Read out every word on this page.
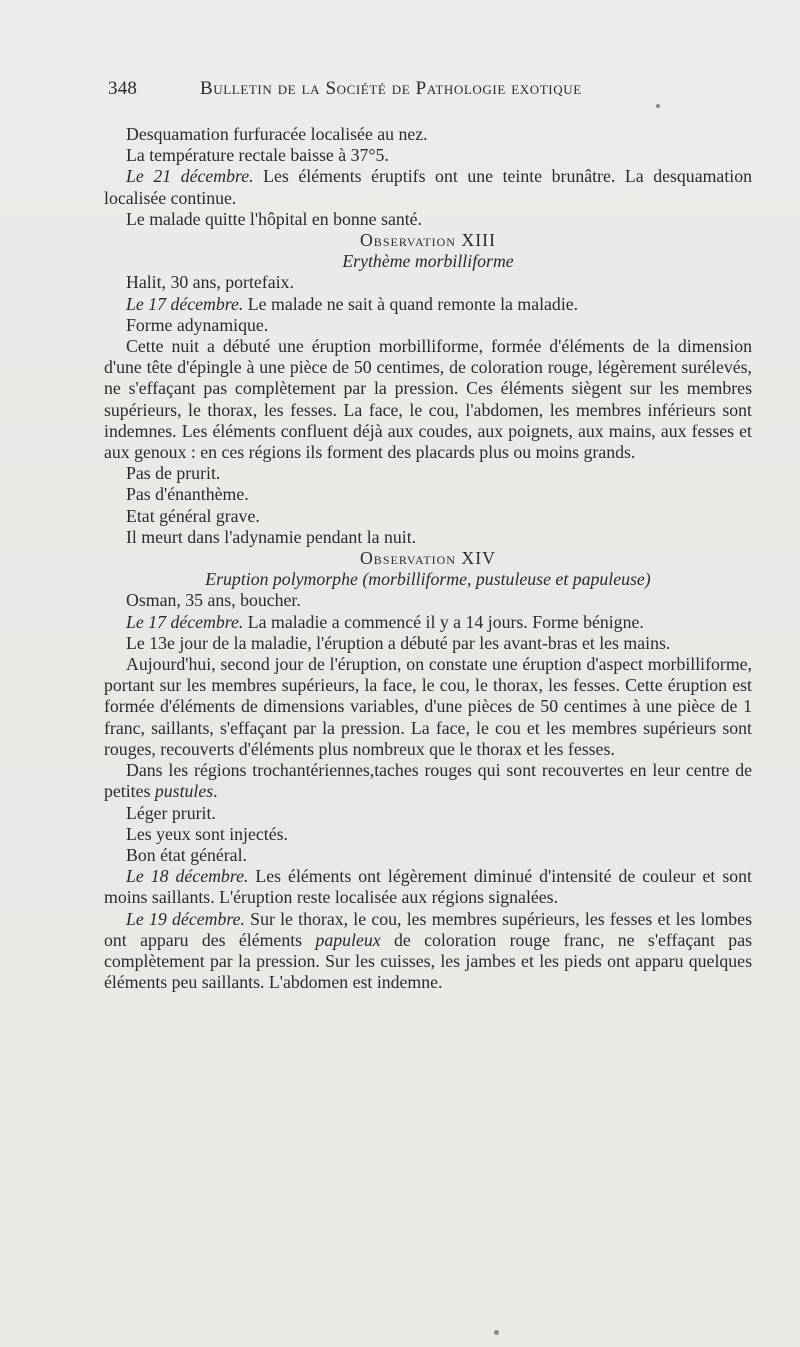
348	Bulletin de la Société de Pathologie exotique

Desquamation furfuracée localisée au nez.

La température rectale baisse à 37°5.

Le 21 décembre. Les éléments éruptifs ont une teinte brunâtre. La desquamation localisée continue.

Le malade quitte l'hôpital en bonne santé.

Observation XIII

Erythème morbilliforme

Halit, 30 ans, portefaix.

Le 17 décembre. Le malade ne sait à quand remonte la maladie.

Forme adynamique.

Cette nuit a débuté une éruption morbilliforme, formée d'éléments de la dimension d'une tête d'épingle à une pièce de 50 centimes, de coloration rouge, légèrement surélevés, ne s'effaçant pas complètement par la pression. Ces éléments siègent sur les membres supérieurs, le thorax, les fesses. La face, le cou, l'abdomen, les membres inférieurs sont indemnes. Les éléments confluent déjà aux coudes, aux poignets, aux mains, aux fesses et aux genoux : en ces régions ils forment des placards plus ou moins grands.

Pas de prurit.

Pas d'énanthème.

Etat général grave.

Il meurt dans l'adynamie pendant la nuit.

Observation XIV

Eruption polymorphe (morbilliforme, pustuleuse et papuleuse)

Osman, 35 ans, boucher.

Le 17 décembre. La maladie a commencé il y a 14 jours. Forme bénigne.

Le 13e jour de la maladie, l'éruption a débuté par les avant-bras et les mains.

Aujourd'hui, second jour de l'éruption, on constate une éruption d'aspect morbilliforme, portant sur les membres supérieurs, la face, le cou, le thorax, les fesses. Cette éruption est formée d'éléments de dimensions variables, d'une pièces de 50 centimes à une pièce de 1 franc, saillants, s'effaçant par la pression. La face, le cou et les membres supérieurs sont rouges, recouverts d'éléments plus nombreux que le thorax et les fesses.

Dans les régions trochantériennes,taches rouges qui sont recouvertes en leur centre de petites pustules.

Léger prurit.

Les yeux sont injectés.

Bon état général.

Le 18 décembre. Les éléments ont légèrement diminué d'intensité de couleur et sont moins saillants. L'éruption reste localisée aux régions signalées.

Le 19 décembre. Sur le thorax, le cou, les membres supérieurs, les fesses et les lombes ont apparu des éléments papuleux de coloration rouge franc, ne s'effaçant pas complètement par la pression. Sur les cuisses, les jambes et les pieds ont apparu quelques éléments peu saillants. L'abdomen est indemne.
